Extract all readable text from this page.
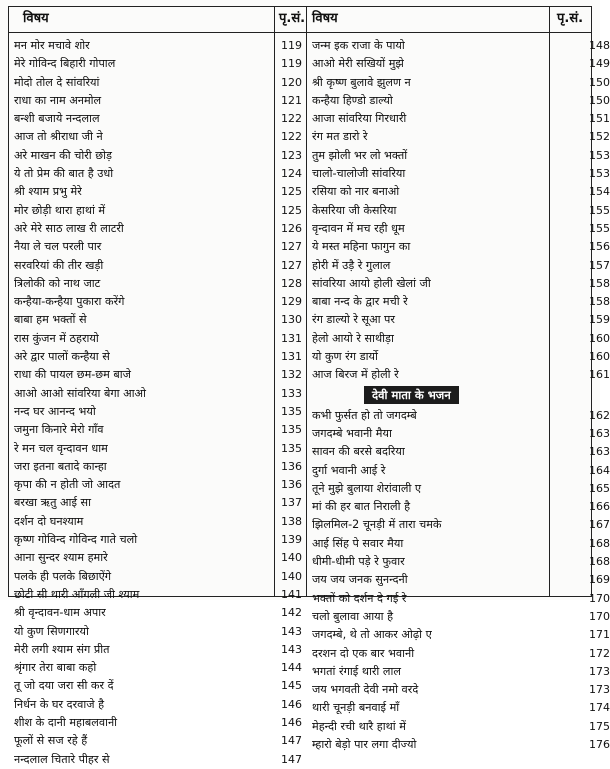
विषय	पृ.सं. विषय	पृ.सं.
मन मोर मचावे शोर	119
मेरे गोविन्द बिहारी गोपाल	119
मोदो तोल दे सांवरियां	120
राधा का नाम अनमोल	121
बन्शी बजाये नन्दलाल	122
आज तो श्रीराधा जी ने	122
अरे माखन की चोरी छोड़	123
ये तो प्रेम की बात है उधो	124
श्री श्याम प्रभु मेरे	125
मोर छोड़ी थारा हाथां में	125
अरे मेरे साठ लाख री लाटरी	126
नैया ले चल परली पार	127
सरवरियां की तीर खड़ी	127
त्रिलोकी को नाथ जाट	128
कन्हैया-कन्हैया पुकारा करेंगे	129
बाबा हम भक्तों से	130
रास कुंजन में ठहरायो	131
अरे द्वार पालों कन्हैया से	131
राधा की पायल छम-छम बाजे	132
आओ आओ सांवरिया बेगा आओ	133
नन्द घर आनन्द भयो	135
जमुना किनारे मेरो गाँव	135
रे मन चल वृन्दावन धाम	135
जरा इतना बतादे कान्हा	136
कृपा की न होती जो आदत	136
बरखा ऋतु आई सा	137
दर्शन दो घनश्याम	138
कृष्ण गोविन्द गोविन्द गाते चलो	139
आना सुन्दर श्याम हमारे	140
पलके ही पलके बिछाऐंगे	140
छोटी सी थारी आँगली जी श्याम	141
श्री वृन्दावन-धाम अपार	142
यो कुण सिणगारयो	143
मेरी लगी श्याम संग प्रीत	143
श्रृंगार तेरा बाबा कहो	144
तू जो दया जरा सी कर दें	145
निर्धन के घर दरवाजे है	146
शीश के दानी महाबलवानी	146
फूलों से सज रहे हैं	147
नन्दलाल चितारे पीहर से	147
जन्म इक राजा के पायो	148
आओ मेरी सखियों मुझे	149
श्री कृष्ण बुलावे झुलण न	150
कन्हैया हिण्डो डाल्यो	150
आजा सांवरिया गिरधारी	151
रंग मत डारो रे	152
तुम झोली भर लो भक्तों	153
चालो-चालोजी सांवरिया	153
रसिया को नार बनाओ	154
केसरिया जी केसरिया	155
वृन्दावन में मच रही धूम	155
ये मस्त महिना फागुन का	156
होरी में उड़ै रे गुलाल	157
सांवरिया आयो होली खेलां जी	158
बाबा नन्द के द्वार मची रे	158
रंग डाल्यो रे सूआ पर	159
हेलो आयो रे साथीड़ा	160
यो कुण रंग डार्यो	160
आज बिरज में होली रे	161
देवी माता के भजन
कभी फुर्सत हो तो जगदम्बे	162
जगदम्बे भवानी मैया	163
सावन की बरसे बदरिया	163
दुर्गा भवानी आई रे	164
तूने मुझे बुलाया शेरांवाली ए	165
मां की हर बात निराली है	166
झिलमिल-2 चूनड़ी में तारा चमके	167
आई सिंह पे सवार मैया	168
धीमी-धीमी पड़े रे फुवार	168
जय जय जनक सुनन्दनी	169
भक्तों को दर्शन दे गई रे	170
चलो बुलावा आया है	170
जगदम्बे, थे तो आकर ओढ़ो ए	171
दरशन दो एक बार भवानी	172
भगतां रंगाई थारी लाल	173
जय भगवती देवी नमो वरदे	173
थारी चूनड़ी बनवाई माँ	174
मेहन्दी रची थारै हाथां में	175
म्हारो बेड़ो पार लगा दीज्यो	176
